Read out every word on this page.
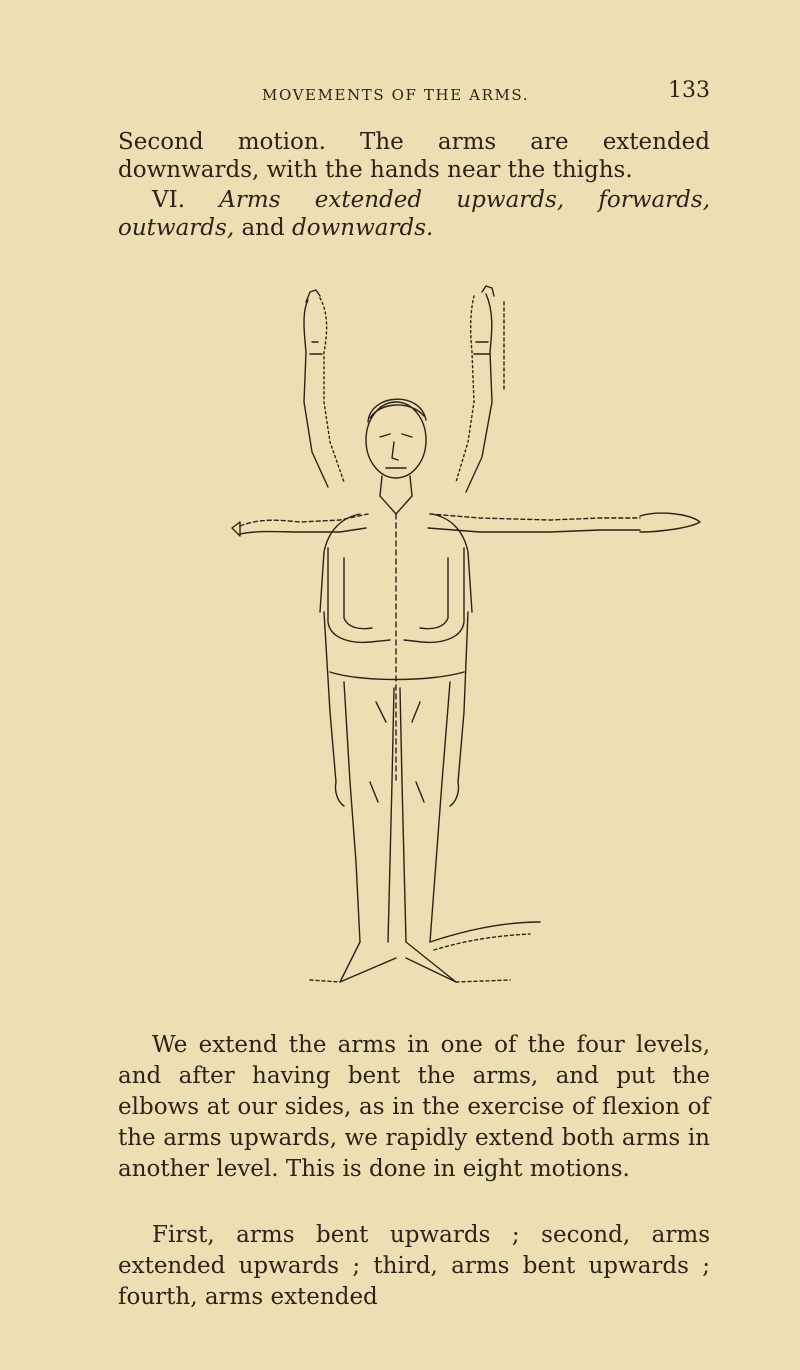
MOVEMENTS OF THE ARMS.	133

Second motion. The arms are extended downwards, with the hands near the thighs.

VI. Arms extended upwards, forwards, outwards, and downwards.

We extend the arms in one of the four levels, and after having bent the arms, and put the elbows at our sides, as in the exercise of flexion of the arms upwards, we rapidly extend both arms in another level. This is done in eight motions.

First, arms bent upwards ; second, arms extended upwards ; third, arms bent upwards ; fourth, arms extended
